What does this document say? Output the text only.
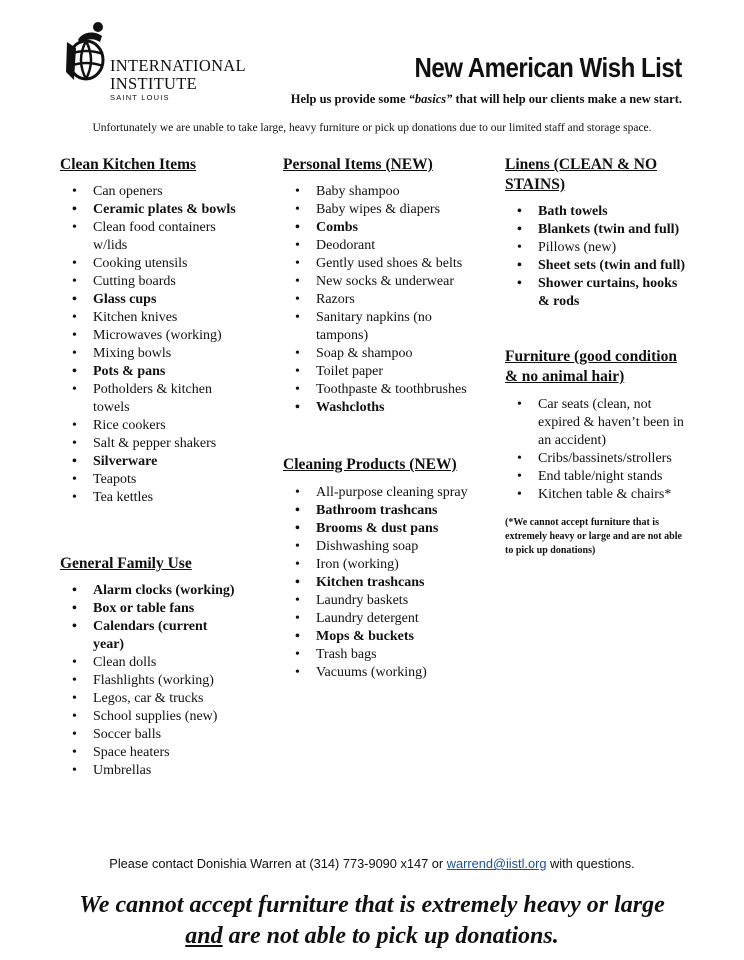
INTERNATIONAL
INSTITUTE
SAINT LOUIS
New American Wish List
Help us provide some “basics” that will help our clients make a new start.
Unfortunately we are unable to take large, heavy furniture or pick up donations due to our limited staff and storage space.
Clean Kitchen Items
• Can openers
• Ceramic plates & bowls
• Clean food containers w/lids
• Cooking utensils
• Cutting boards
• Glass cups
• Kitchen knives
• Microwaves (working)
• Mixing bowls
• Pots & pans
• Potholders & kitchen towels
• Rice cookers
• Salt & pepper shakers
• Silverware
• Teapots
• Tea kettles
General Family Use
• Alarm clocks (working)
• Box or table fans
• Calendars (current year)
• Clean dolls
• Flashlights (working)
• Legos, car & trucks
• School supplies (new)
• Soccer balls
• Space heaters
• Umbrellas
Personal Items (NEW)
• Baby shampoo
• Baby wipes & diapers
• Combs
• Deodorant
• Gently used shoes & belts
• New socks & underwear
• Razors
• Sanitary napkins (no tampons)
• Soap & shampoo
• Toilet paper
• Toothpaste & toothbrushes
• Washcloths
Cleaning Products (NEW)
• All-purpose cleaning spray
• Bathroom trashcans
• Brooms & dust pans
• Dishwashing soap
• Iron (working)
• Kitchen trashcans
• Laundry baskets
• Laundry detergent
• Mops & buckets
• Trash bags
• Vacuums (working)
Linens (CLEAN & NO STAINS)
• Bath towels
• Blankets (twin and full)
• Pillows (new)
• Sheet sets (twin and full)
• Shower curtains, hooks & rods
Furniture (good condition & no animal hair)
• Car seats (clean, not expired & haven’t been in an accident)
• Cribs/bassinets/strollers
• End table/night stands
• Kitchen table & chairs*
(*We cannot accept furniture that is extremely heavy or large and are not able to pick up donations)
Please contact Donishia Warren at (314) 773-9090 x147 or warrend@iistl.org with questions.
We cannot accept furniture that is extremely heavy or large
and are not able to pick up donations.
